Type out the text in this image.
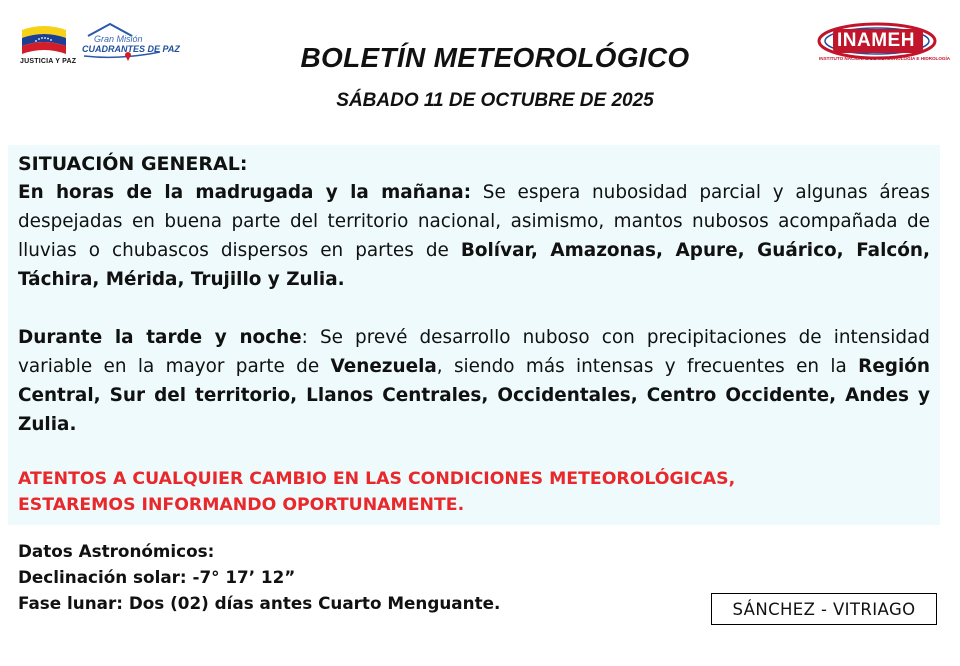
JUSTICIA Y PAZ
Gran Misión
CUADRANTES DE PAZ	INAMEH
INSTITUTO NACIONAL DE METEOROLOGÍA E HIDROLOGÍA
BOLETÍN METEOROLÓGICO
SÁBADO 11 DE OCTUBRE DE 2025
SITUACIÓN GENERAL:

En horas de la madrugada y la mañana: Se espera nubosidad parcial y algunas áreas despejadas en buena parte del territorio nacional, asimismo, mantos nubosos acompañada de lluvias o chubascos dispersos en partes de Bolívar, Amazonas, Apure, Guárico, Falcón, Táchira, Mérida, Trujillo y Zulia.

Durante la tarde y noche: Se prevé desarrollo nuboso con precipitaciones de intensidad variable en la mayor parte de Venezuela, siendo más intensas y frecuentes en la Región Central, Sur del territorio, Llanos Centrales, Occidentales, Centro Occidente, Andes y Zulia.

ATENTOS A CUALQUIER CAMBIO EN LAS CONDICIONES METEOROLÓGICAS,

ESTAREMOS INFORMANDO OPORTUNAMENTE.

Datos Astronómicos:
Declinación solar: -7° 17’ 12”
Fase lunar: Dos (02) días antes Cuarto Menguante.	SÁNCHEZ - VITRIAGO
